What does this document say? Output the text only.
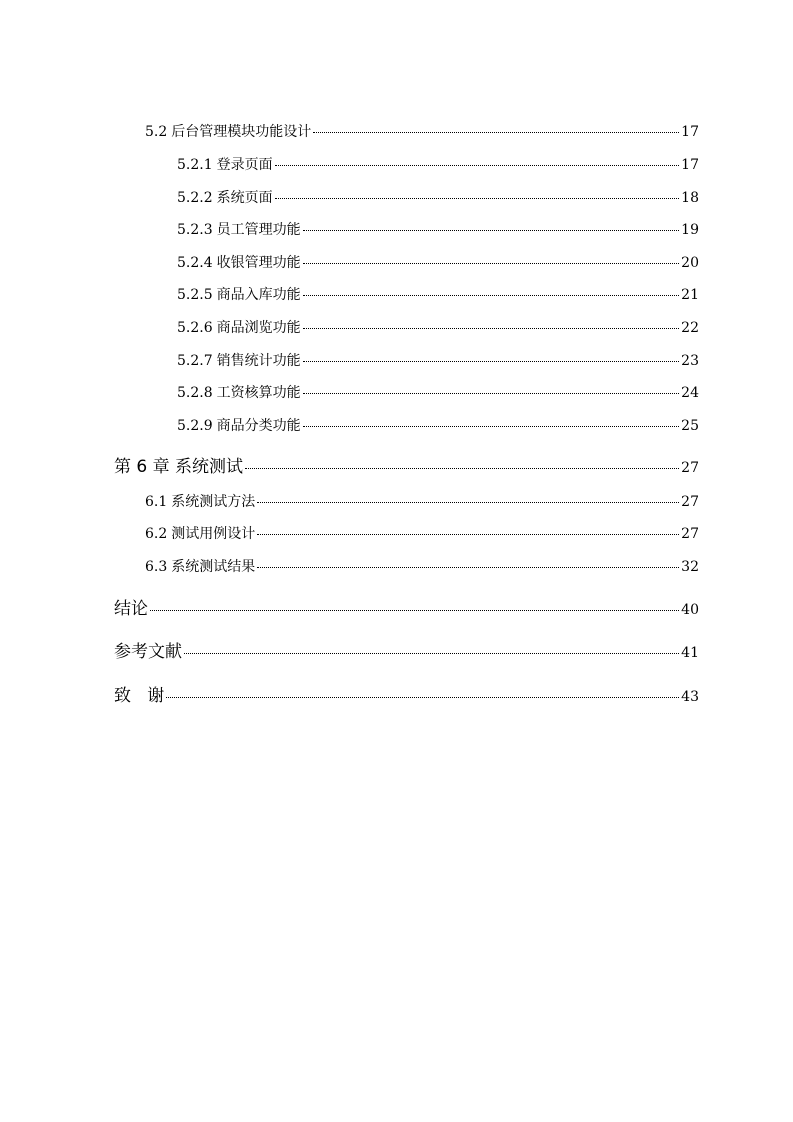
5.2 后台管理模块功能设计	17
5.2.1 登录页面	17
5.2.2 系统页面	18
5.2.3 员工管理功能	19
5.2.4 收银管理功能	20
5.2.5 商品入库功能	21
5.2.6 商品浏览功能	22
5.2.7 销售统计功能	23
5.2.8 工资核算功能	24
5.2.9 商品分类功能	25
第 6 章 系统测试	27
6.1 系统测试方法	27
6.2 测试用例设计	27
6.3 系统测试结果	32
结论	40
参考文献	41
致   谢	43
